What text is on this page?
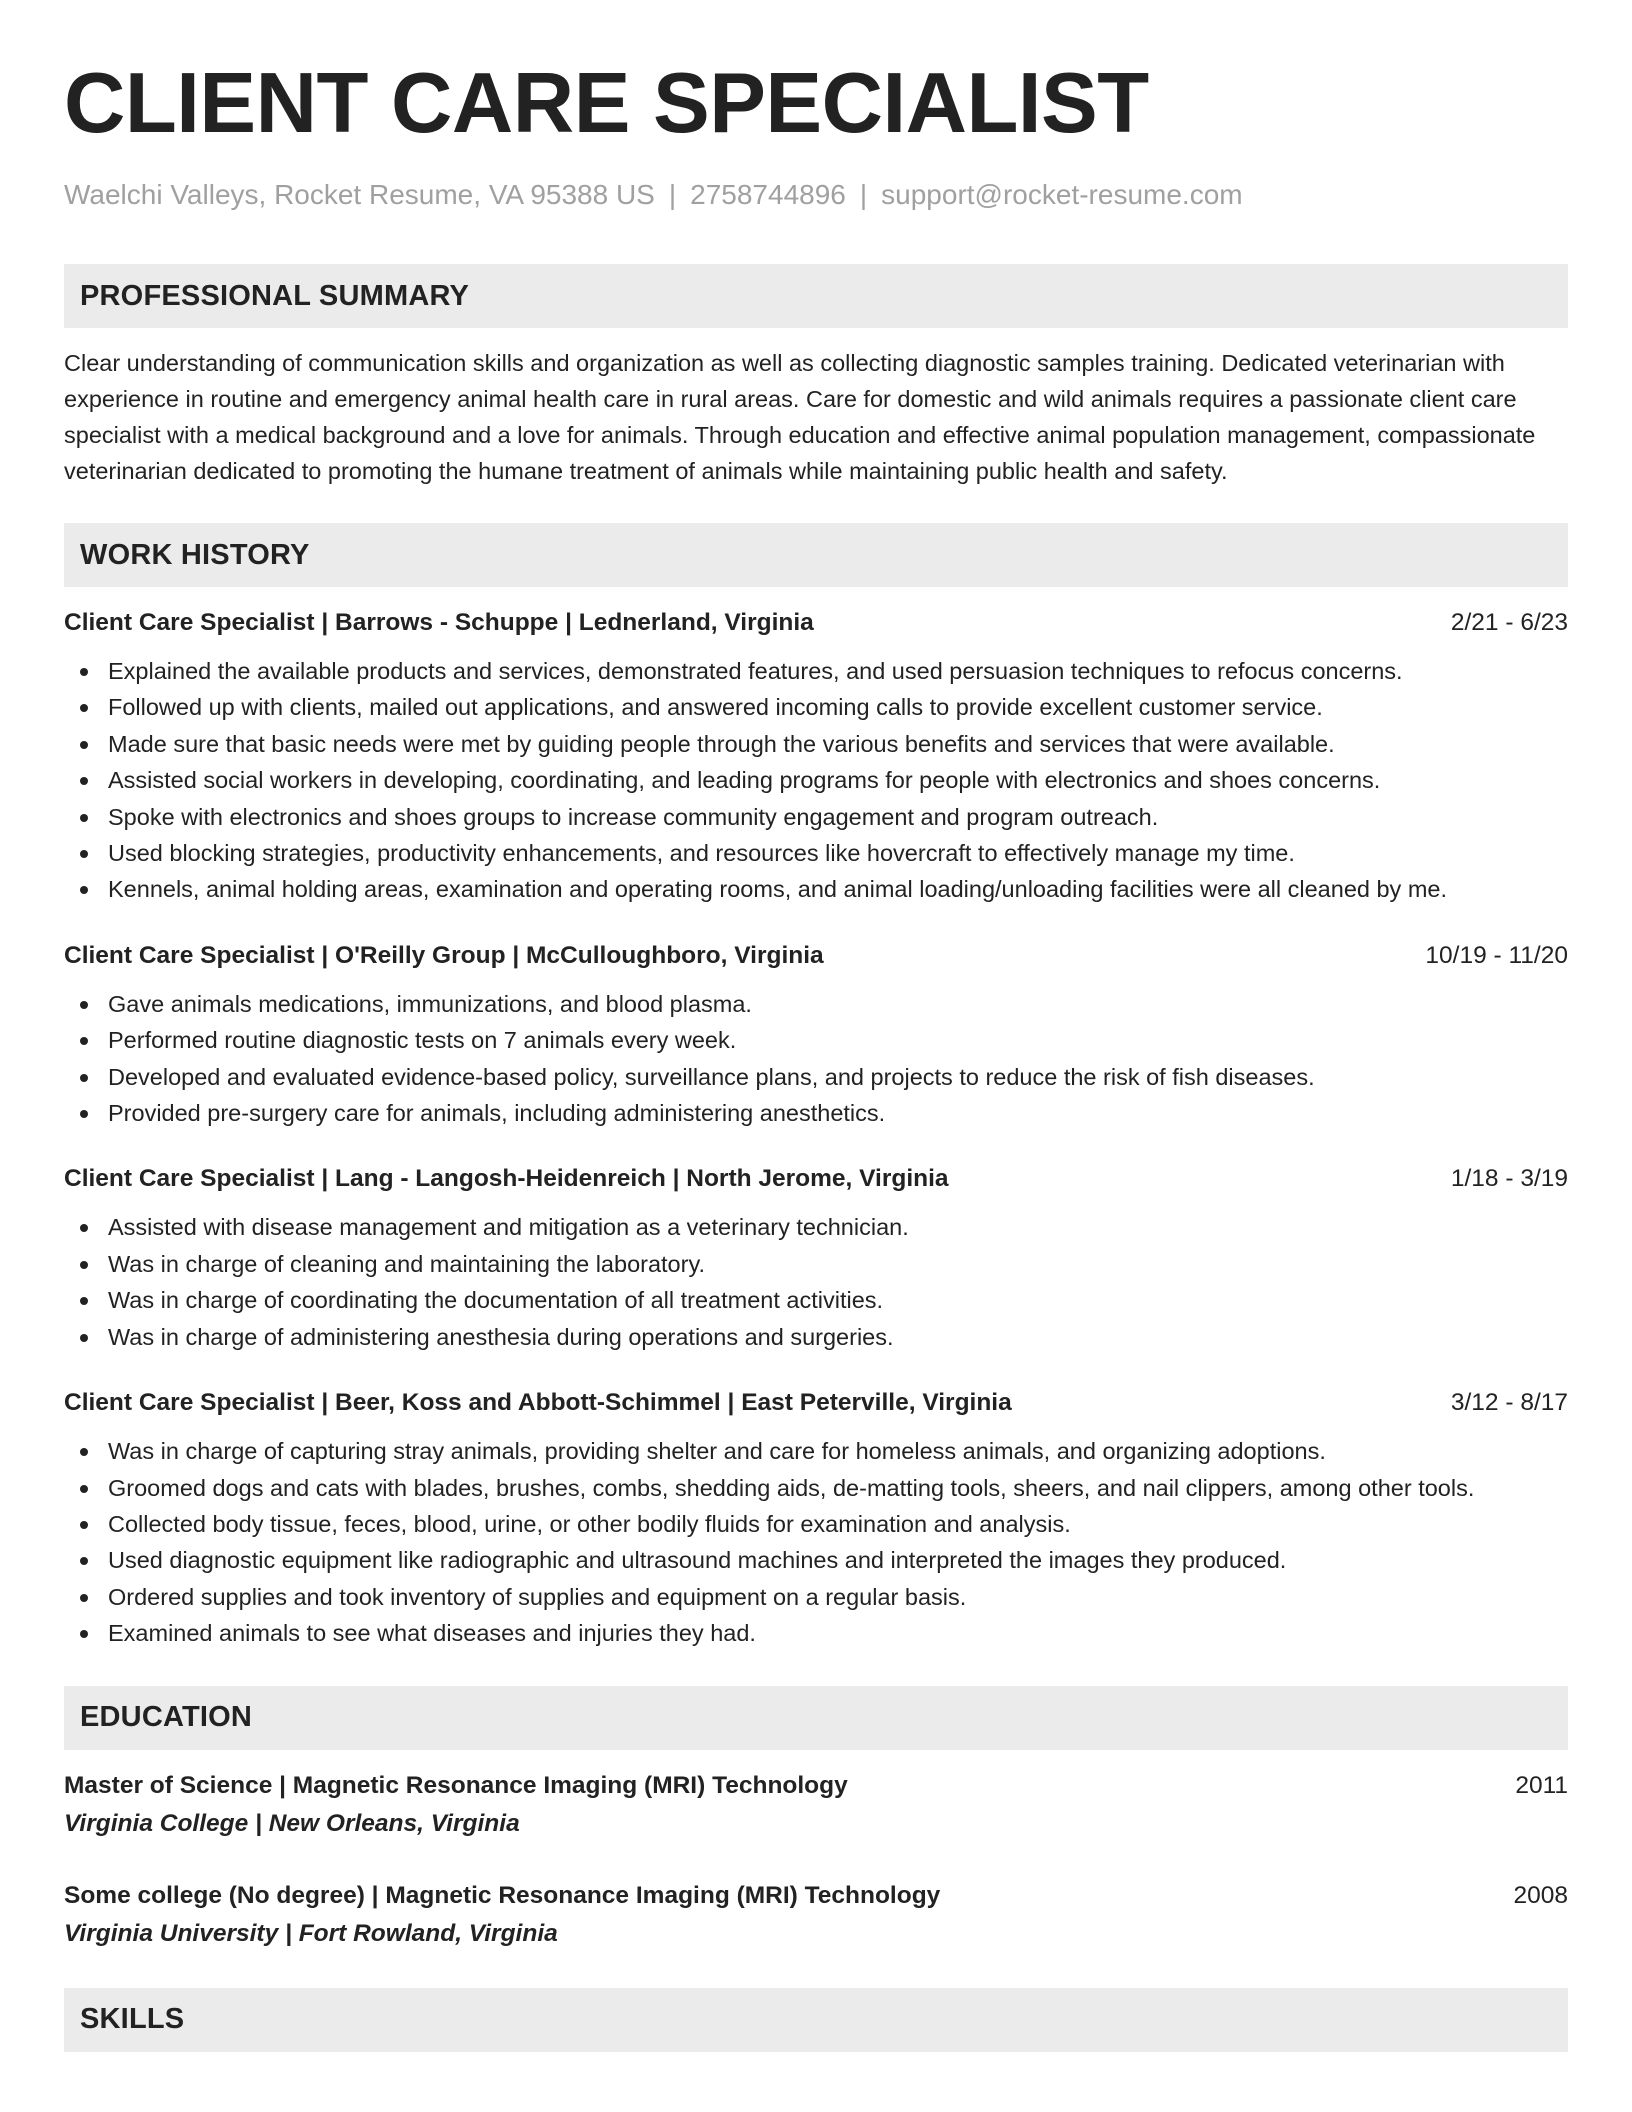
CLIENT CARE SPECIALIST
Waelchi Valleys, Rocket Resume, VA 95388 US | 2758744896 | support@rocket-resume.com
PROFESSIONAL SUMMARY

Clear understanding of communication skills and organization as well as collecting diagnostic samples training. Dedicated veterinarian with experience in routine and emergency animal health care in rural areas. Care for domestic and wild animals requires a passionate client care specialist with a medical background and a love for animals. Through education and effective animal population management, compassionate veterinarian dedicated to promoting the humane treatment of animals while maintaining public health and safety.

WORK HISTORY
Client Care Specialist | Barrows - Schuppe | Lednerland, Virginia	2/21 - 6/23
Explained the available products and services, demonstrated features, and used persuasion techniques to refocus concerns.
Followed up with clients, mailed out applications, and answered incoming calls to provide excellent customer service.
Made sure that basic needs were met by guiding people through the various benefits and services that were available.
Assisted social workers in developing, coordinating, and leading programs for people with electronics and shoes concerns.
Spoke with electronics and shoes groups to increase community engagement and program outreach.
Used blocking strategies, productivity enhancements, and resources like hovercraft to effectively manage my time.
Kennels, animal holding areas, examination and operating rooms, and animal loading/unloading facilities were all cleaned by me.
Client Care Specialist | O'Reilly Group | McCulloughboro, Virginia	10/19 - 11/20
Gave animals medications, immunizations, and blood plasma.
Performed routine diagnostic tests on 7 animals every week.
Developed and evaluated evidence-based policy, surveillance plans, and projects to reduce the risk of fish diseases.
Provided pre-surgery care for animals, including administering anesthetics.
Client Care Specialist | Lang - Langosh-Heidenreich | North Jerome, Virginia	1/18 - 3/19
Assisted with disease management and mitigation as a veterinary technician.
Was in charge of cleaning and maintaining the laboratory.
Was in charge of coordinating the documentation of all treatment activities.
Was in charge of administering anesthesia during operations and surgeries.
Client Care Specialist | Beer, Koss and Abbott-Schimmel | East Peterville, Virginia	3/12 - 8/17
Was in charge of capturing stray animals, providing shelter and care for homeless animals, and organizing adoptions.
Groomed dogs and cats with blades, brushes, combs, shedding aids, de-matting tools, sheers, and nail clippers, among other tools.
Collected body tissue, feces, blood, urine, or other bodily fluids for examination and analysis.
Used diagnostic equipment like radiographic and ultrasound machines and interpreted the images they produced.
Ordered supplies and took inventory of supplies and equipment on a regular basis.
Examined animals to see what diseases and injuries they had.
EDUCATION
Master of Science | Magnetic Resonance Imaging (MRI) Technology	2011
Virginia College | New Orleans, Virginia
Some college (No degree) | Magnetic Resonance Imaging (MRI) Technology	2008
Virginia University | Fort Rowland, Virginia
SKILLS
